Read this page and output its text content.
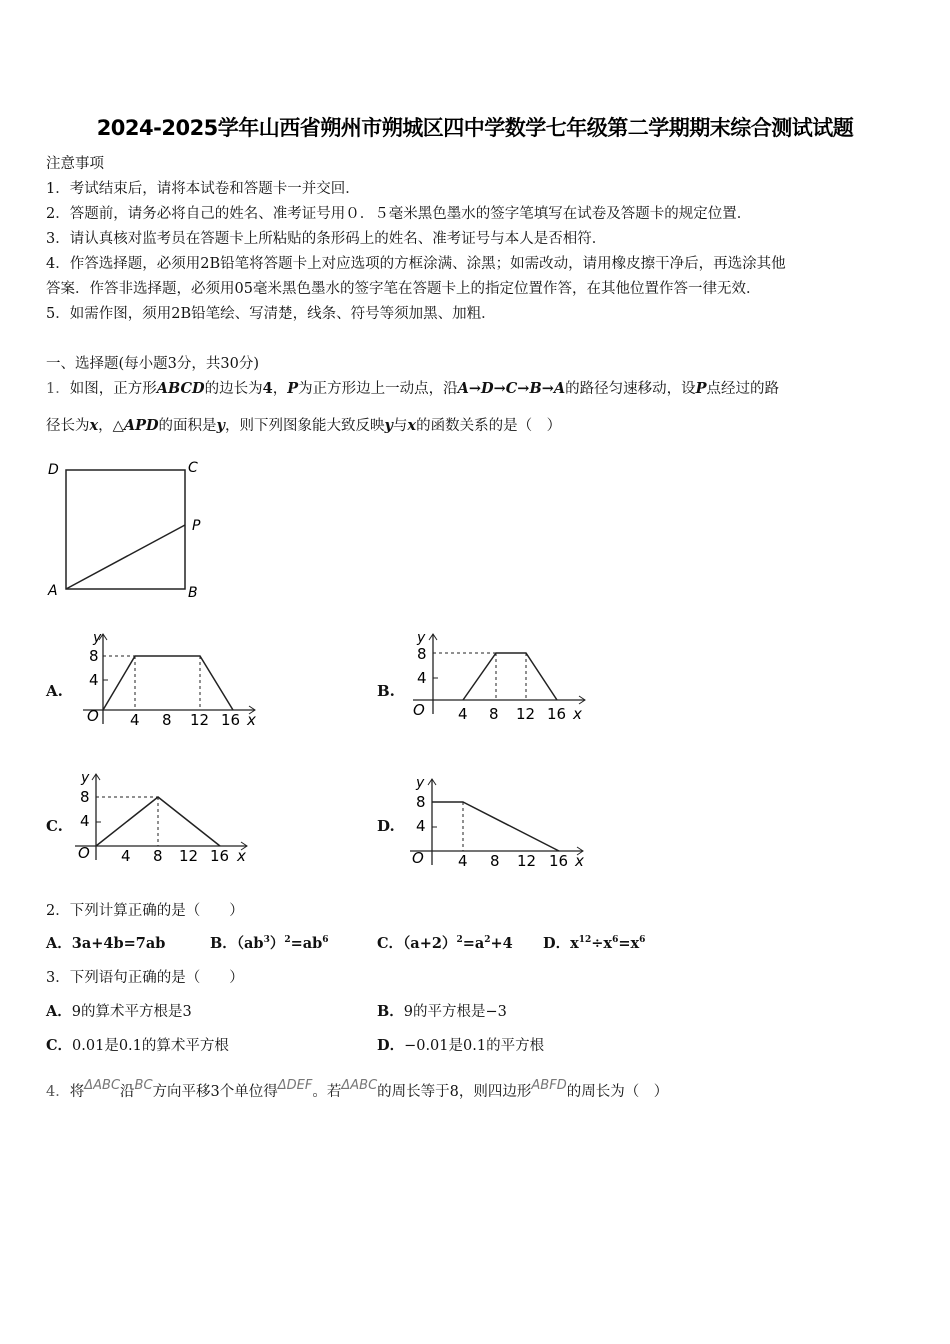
2024-2025学年山西省朔州市朔城区四中学数学七年级第二学期期末综合测试试题
注意事项
1．考试结束后，请将本试卷和答题卡一并交回．
2．答题前，请务必将自己的姓名、准考证号用０．５毫米黑色墨水的签字笔填写在试卷及答题卡的规定位置．
3．请认真核对监考员在答题卡上所粘贴的条形码上的姓名、准考证号与本人是否相符．
4．作答选择题，必须用2B铅笔将答题卡上对应选项的方框涂满、涂黑；如需改动，请用橡皮擦干净后，再选涂其他
答案．作答非选择题，必须用05毫米黑色墨水的签字笔在答题卡上的指定位置作答，在其他位置作答一律无效．
5．如需作图，须用2B铅笔绘、写清楚，线条、符号等须加黑、加粗．
一、选择题(每小题3分，共30分)
1．如图，正方形ABCD的边长为4，P为正方形边上一动点，沿A→D→C→B→A的路径匀速移动，设P点经过的路
径长为x，△APD的面积是y，则下列图象能大致反映y与x的函数关系的是（　）
D	C
P
A	B
A.
8
4
O 4 8 12 16 x
y
B.
8
4
O 4 8 12 16 x
y
C.
8
4
O 4 8 12 16 x
y
D.
8
4
O 4 8 12 16 x
y
2．下列计算正确的是（　　）
A．3a+4b=7ab	B．$(ab^3)^2=ab^6$	C．$(a+2)^2=a^2+4$ D．$x^{12}\div x^6=x^6$
3．下列语句正确的是（　　）
A．9的算术平方根是3	B．9的平方根是−3
C．0.01是0.1的算术平方根	D．−0.01是0.1的平方根
4．将ΔABC沿BC方向平移3个单位得ΔDEF。若ΔABC的周长等于8，则四边形ABFD的周长为（　）
